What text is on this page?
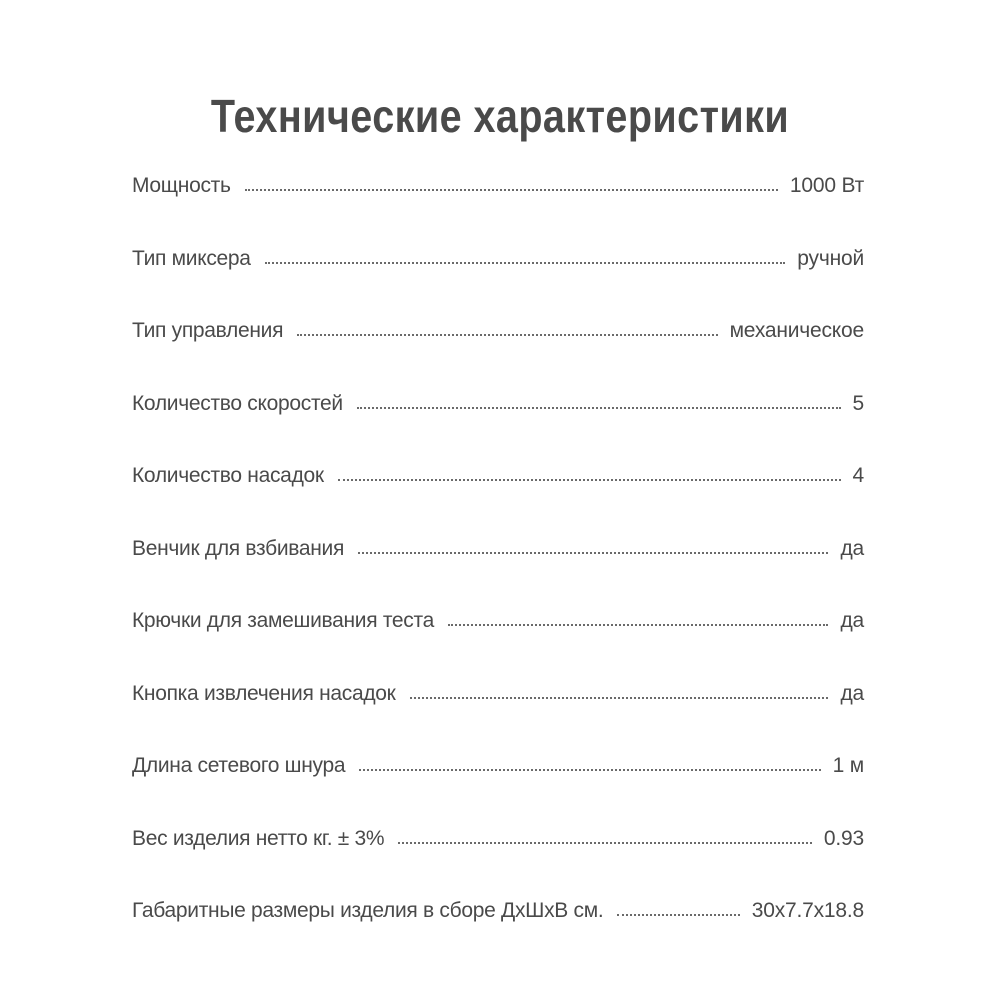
Технические характеристики
Мощность	1000 Вт
Тип миксера	ручной
Тип управления	механическое
Количество скоростей	5
Количество насадок	4
Венчик для взбивания	да
Крючки для замешивания теста	да
Кнопка извлечения насадок	да
Длина сетевого шнура	1 м
Вес изделия нетто кг. ± 3%	0.93
Габаритные размеры изделия в сборе ДхШхВ см.	30x7.7x18.8
